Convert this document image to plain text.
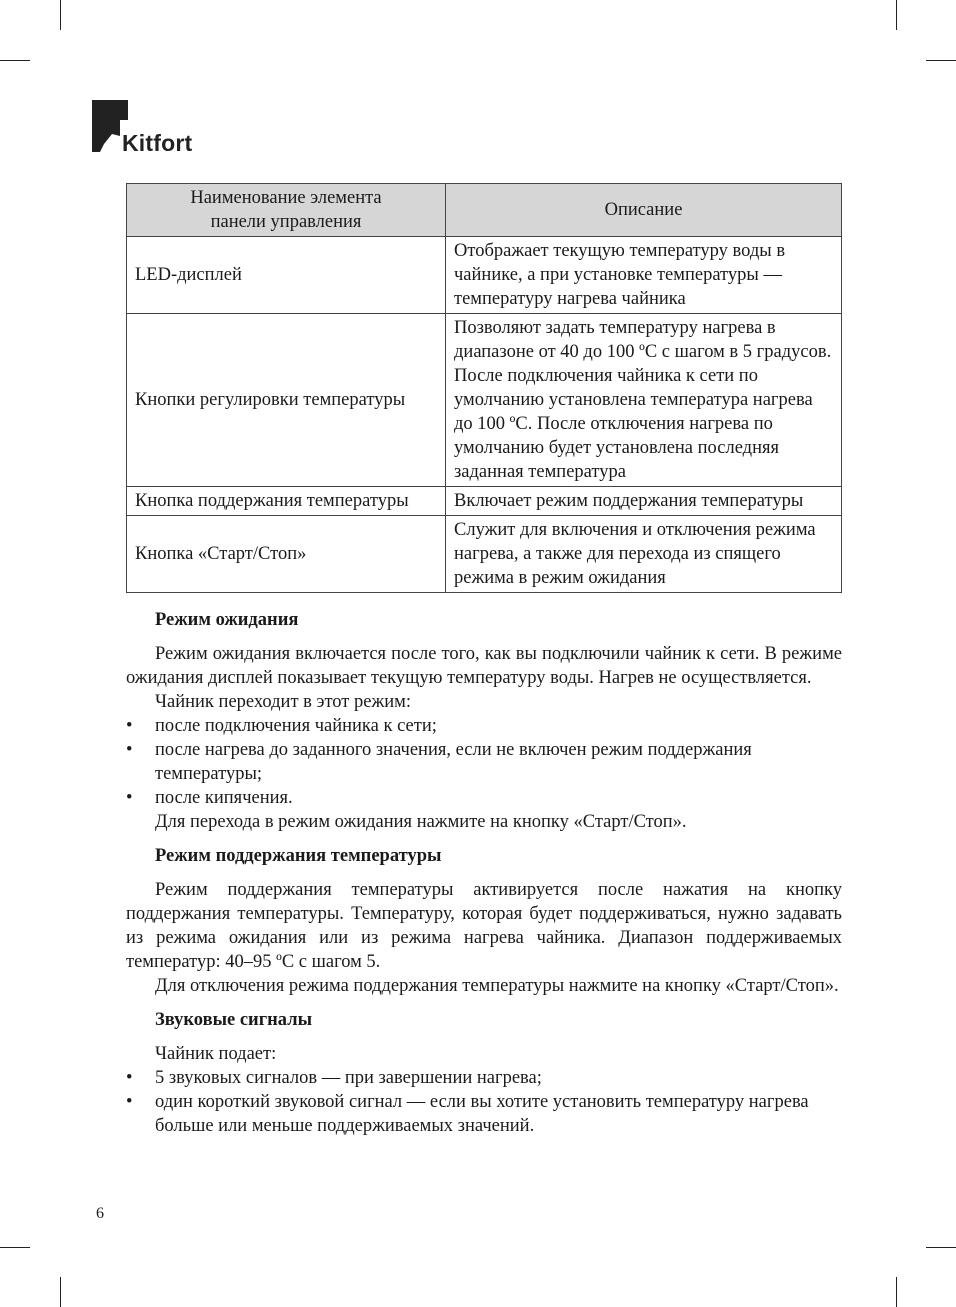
Kitfort
Наименование элемента
панели управления	Описание
LED-дисплей	Отображает текущую температуру воды в чайнике, а при установке температуры — температуру нагрева чайника
Кнопки регулировки температуры	Позволяют задать температуру нагрева в диапазоне от 40 до 100 ºС с шагом в 5 градусов. После подключения чайника к сети по умолчанию установлена температура нагрева до 100 ºС. После отключения нагрева по умолчанию будет установлена последняя заданная температура
Кнопка поддержания температуры	Включает режим поддержания температуры
Кнопка «Старт/Стоп»	Служит для включения и отключения режима нагрева, а также для перехода из спящего режима в режим ожидания
Режим ожидания

Режим ожидания включается после того, как вы подключили чайник к сети. В режиме ожидания дисплей показывает текущую температуру воды. Нагрев не осуществляется.

Чайник переходит в этот режим:

• после подключения чайника к сети;
• после нагрева до заданного значения, если не включен режим поддержания температуры;
• после кипячения.

Для перехода в режим ожидания нажмите на кнопку «Старт/Стоп».

Режим поддержания температуры

Режим поддержания температуры активируется после нажатия на кнопку поддержания температуры. Температуру, которая будет поддерживаться, нужно задавать из режима ожидания или из режима нагрева чайника. Диапазон поддерживаемых температур: 40–95 ºС с шагом 5.

Для отключения режима поддержания температуры нажмите на кнопку «Старт/Стоп».

Звуковые сигналы

Чайник подает:

• 5 звуковых сигналов — при завершении нагрева;
• один короткий звуковой сигнал — если вы хотите установить температуру нагрева больше или меньше поддерживаемых значений.
6
